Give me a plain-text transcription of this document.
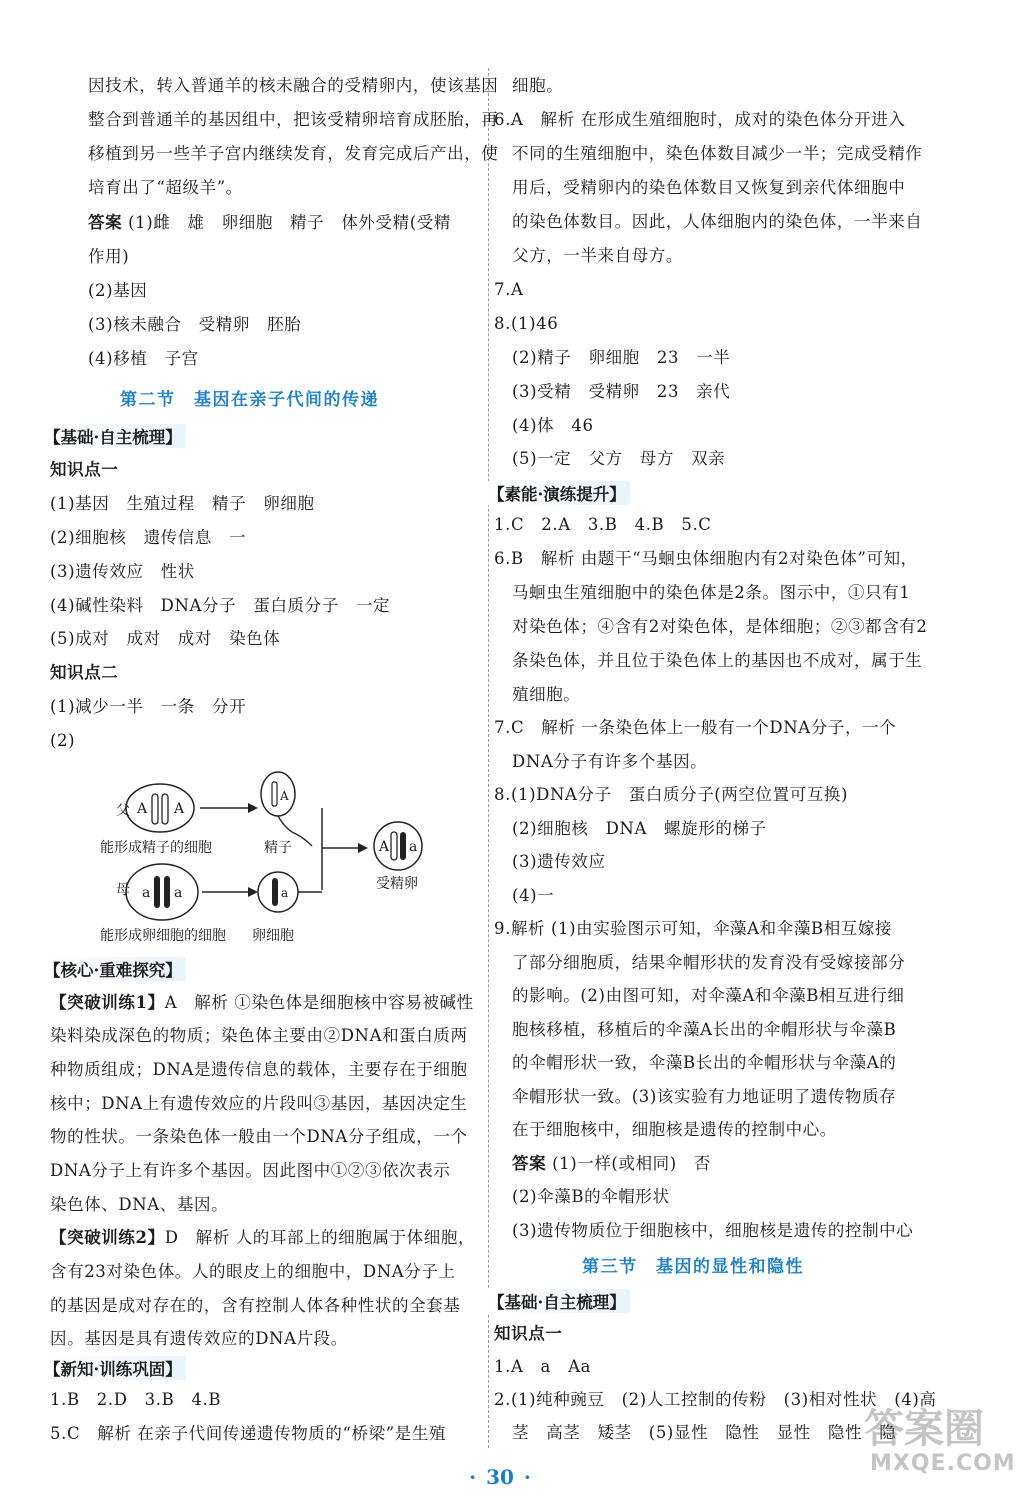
因技术，转入普通羊的核未融合的受精卵内，使该基因
整合到普通羊的基因组中，把该受精卵培育成胚胎，再
移植到另一些羊子宫内继续发育，发育完成后产出，使
培育出了“超级羊”。
答案 (1)雌　雄　卵细胞　精子　体外受精(受精
作用)
(2)基因
(3)核未融合　受精卵　胚胎
(4)移植　子宫
第二节　基因在亲子代间的传递
【基础·自主梳理】
知识点一
(1)基因　生殖过程　精子　卵细胞
(2)细胞核　遗传信息　一
(3)遗传效应　性状
(4)碱性染料　DNA分子　蛋白质分子　一定
(5)成对　成对　成对　染色体
知识点二
(1)减少一半　一条　分开
(2)
父 A A
能形成精子的细胞
A
精子	A a
受精卵
母 a a	a
能形成卵细胞的细胞 卵细胞
【核心·重难探究】
【突破训练1】A　解析 ①染色体是细胞核中容易被碱性
染料染成深色的物质；染色体主要由②DNA和蛋白质两
种物质组成；DNA是遗传信息的载体，主要存在于细胞
核中；DNA上有遗传效应的片段叫③基因，基因决定生
物的性状。一条染色体一般由一个DNA分子组成，一个
DNA分子上有许多个基因。因此图中①②③依次表示
染色体、DNA、基因。
【突破训练2】D　解析 人的耳部上的细胞属于体细胞，
含有23对染色体。人的眼皮上的细胞中，DNA分子上
的基因是成对存在的，含有控制人体各种性状的全套基
因。基因是具有遗传效应的DNA片段。
【新知·训练巩固】
1.B　2.D　3.B　4.B
5.C　解析 在亲子代间传递遗传物质的“桥梁”是生殖
细胞。
6.A　解析 在形成生殖细胞时，成对的染色体分开进入
不同的生殖细胞中，染色体数目减少一半；完成受精作
用后，受精卵内的染色体数目又恢复到亲代体细胞中
的染色体数目。因此，人体细胞内的染色体，一半来自
父方，一半来自母方。
7.A
8.(1)46
(2)精子　卵细胞　23　一半
(3)受精　受精卵　23　亲代
(4)体　46
(5)一定　父方　母方　双亲
【素能·演练提升】
1.C　2.A　3.B　4.B　5.C
6.B　解析 由题干“马蛔虫体细胞内有2对染色体”可知，
马蛔虫生殖细胞中的染色体是2条。图示中，①只有1
对染色体；④含有2对染色体，是体细胞；②③都含有2
条染色体，并且位于染色体上的基因也不成对，属于生
殖细胞。
7.C　解析 一条染色体上一般有一个DNA分子，一个
DNA分子有许多个基因。
8.(1)DNA分子　蛋白质分子(两空位置可互换)
(2)细胞核　DNA　螺旋形的梯子
(3)遗传效应
(4)一
9.解析 (1)由实验图示可知，伞藻A和伞藻B相互嫁接
了部分细胞质，结果伞帽形状的发育没有受嫁接部分
的影响。(2)由图可知，对伞藻A和伞藻B相互进行细
胞核移植，移植后的伞藻A长出的伞帽形状与伞藻B
的伞帽形状一致，伞藻B长出的伞帽形状与伞藻A的
伞帽形状一致。(3)该实验有力地证明了遗传物质存
在于细胞核中，细胞核是遗传的控制中心。
答案 (1)一样(或相同)　否
(2)伞藻B的伞帽形状
(3)遗传物质位于细胞核中，细胞核是遗传的控制中心
第三节　基因的显性和隐性
【基础·自主梳理】
知识点一
1.A　a　Aa
2.(1)纯种豌豆　(2)人工控制的传粉　(3)相对性状　(4)高
茎　高茎　矮茎　(5)显性　隐性　显性　隐性　隐
答案圈
MXQE.COM
· 30 ·
